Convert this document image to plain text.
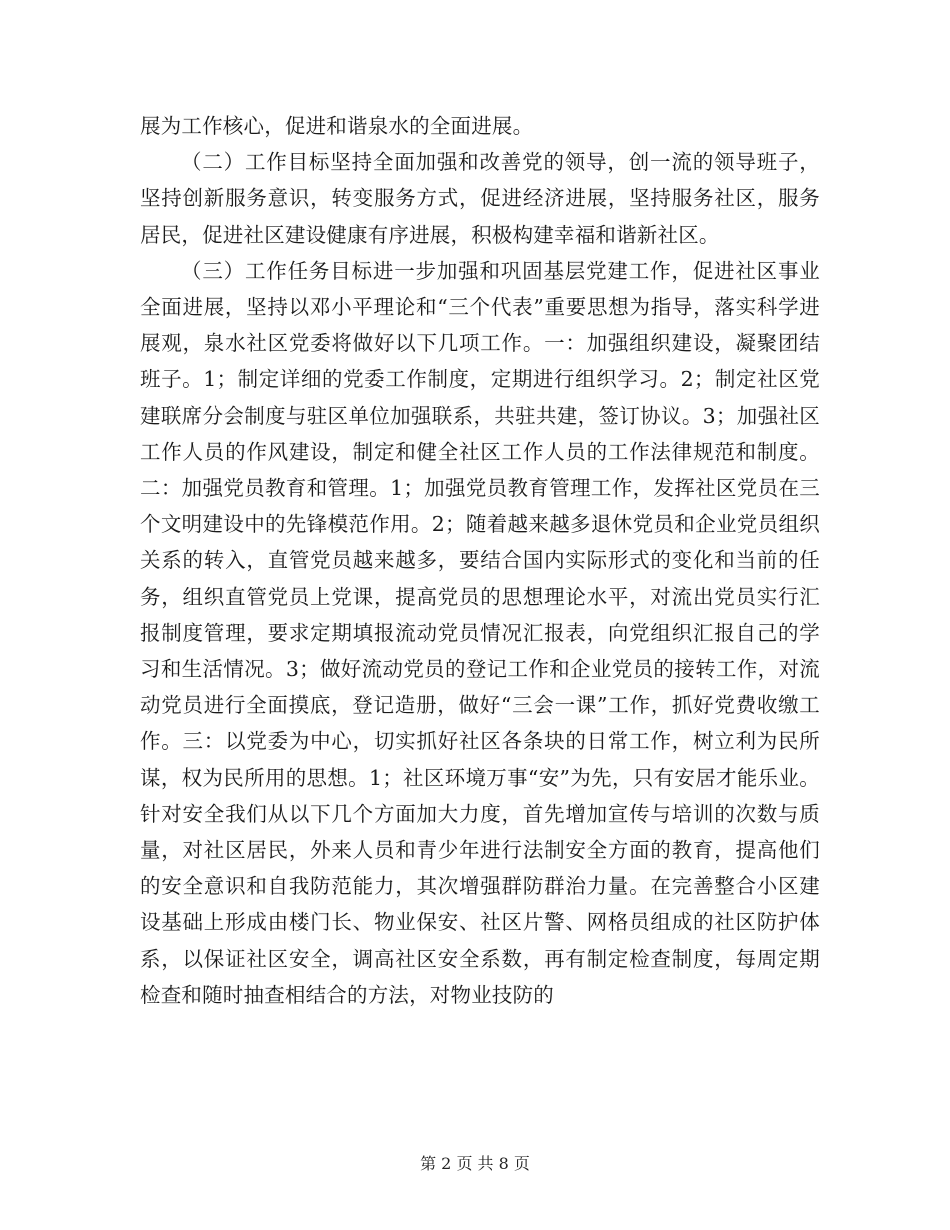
展为工作核心，促进和谐泉水的全面进展。

（二）工作目标坚持全面加强和改善党的领导，创一流的领导班子，坚持创新服务意识，转变服务方式，促进经济进展，坚持服务社区，服务居民，促进社区建设健康有序进展，积极构建幸福和谐新社区。

（三）工作任务目标进一步加强和巩固基层党建工作，促进社区事业全面进展，坚持以邓小平理论和“三个代表”重要思想为指导，落实科学进展观，泉水社区党委将做好以下几项工作。一：加强组织建设，凝聚团结班子。1；制定详细的党委工作制度，定期进行组织学习。2；制定社区党建联席分会制度与驻区单位加强联系，共驻共建，签订协议。3；加强社区工作人员的作风建设，制定和健全社区工作人员的工作法律规范和制度。二：加强党员教育和管理。1；加强党员教育管理工作，发挥社区党员在三个文明建设中的先锋模范作用。2；随着越来越多退休党员和企业党员组织关系的转入，直管党员越来越多，要结合国内实际形式的变化和当前的任务，组织直管党员上党课，提高党员的思想理论水平，对流出党员实行汇报制度管理，要求定期填报流动党员情况汇报表，向党组织汇报自己的学习和生活情况。3；做好流动党员的登记工作和企业党员的接转工作，对流动党员进行全面摸底，登记造册，做好“三会一课”工作，抓好党费收缴工作。三：以党委为中心，切实抓好社区各条块的日常工作，树立利为民所谋，权为民所用的思想。1；社区环境万事“安”为先，只有安居才能乐业。针对安全我们从以下几个方面加大力度，首先增加宣传与培训的次数与质量，对社区居民，外来人员和青少年进行法制安全方面的教育，提高他们的安全意识和自我防范能力，其次增强群防群治力量。在完善整合小区建设基础上形成由楼门长、物业保安、社区片警、网格员组成的社区防护体系，以保证社区安全，调高社区安全系数，再有制定检查制度，每周定期检查和随时抽查相结合的方法，对物业技防的

第 2 页 共 8 页
